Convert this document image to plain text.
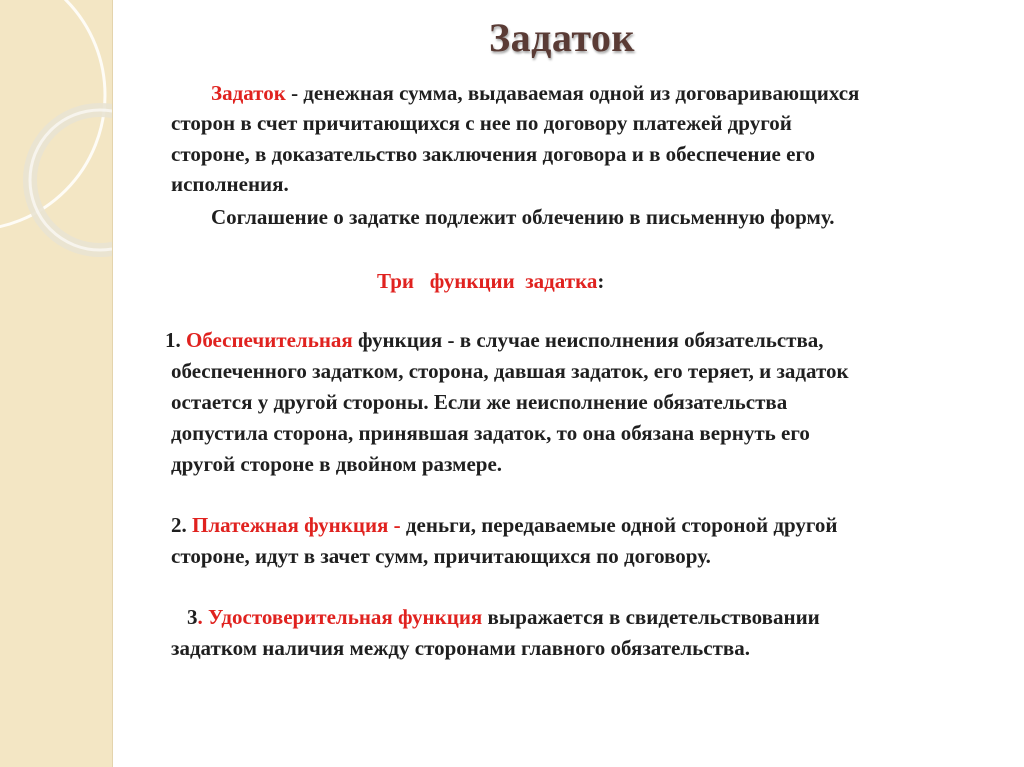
Задаток
Задаток - денежная сумма, выдаваемая одной из договаривающихся
сторон в счет причитающихся с нее по договору платежей другой
стороне, в доказательство заключения договора и в обеспечение его
исполнения.
Соглашение о задатке подлежит облечению в письменную форму.
Три   функции  задатка:
1. Обеспечительная функция - в случае неисполнения обязательства,
обеспеченного задатком, сторона, давшая задаток, его теряет, и задаток
остается у другой стороны. Если же неисполнение обязательства
допустила сторона, принявшая задаток, то она обязана вернуть его
другой стороне в двойном размере.
2. Платежная функция - деньги, передаваемые одной стороной другой
стороне, идут в зачет сумм, причитающихся по договору.
3. Удостоверительная функция выражается в свидетельствовании
задатком наличия между сторонами главного обязательства.
